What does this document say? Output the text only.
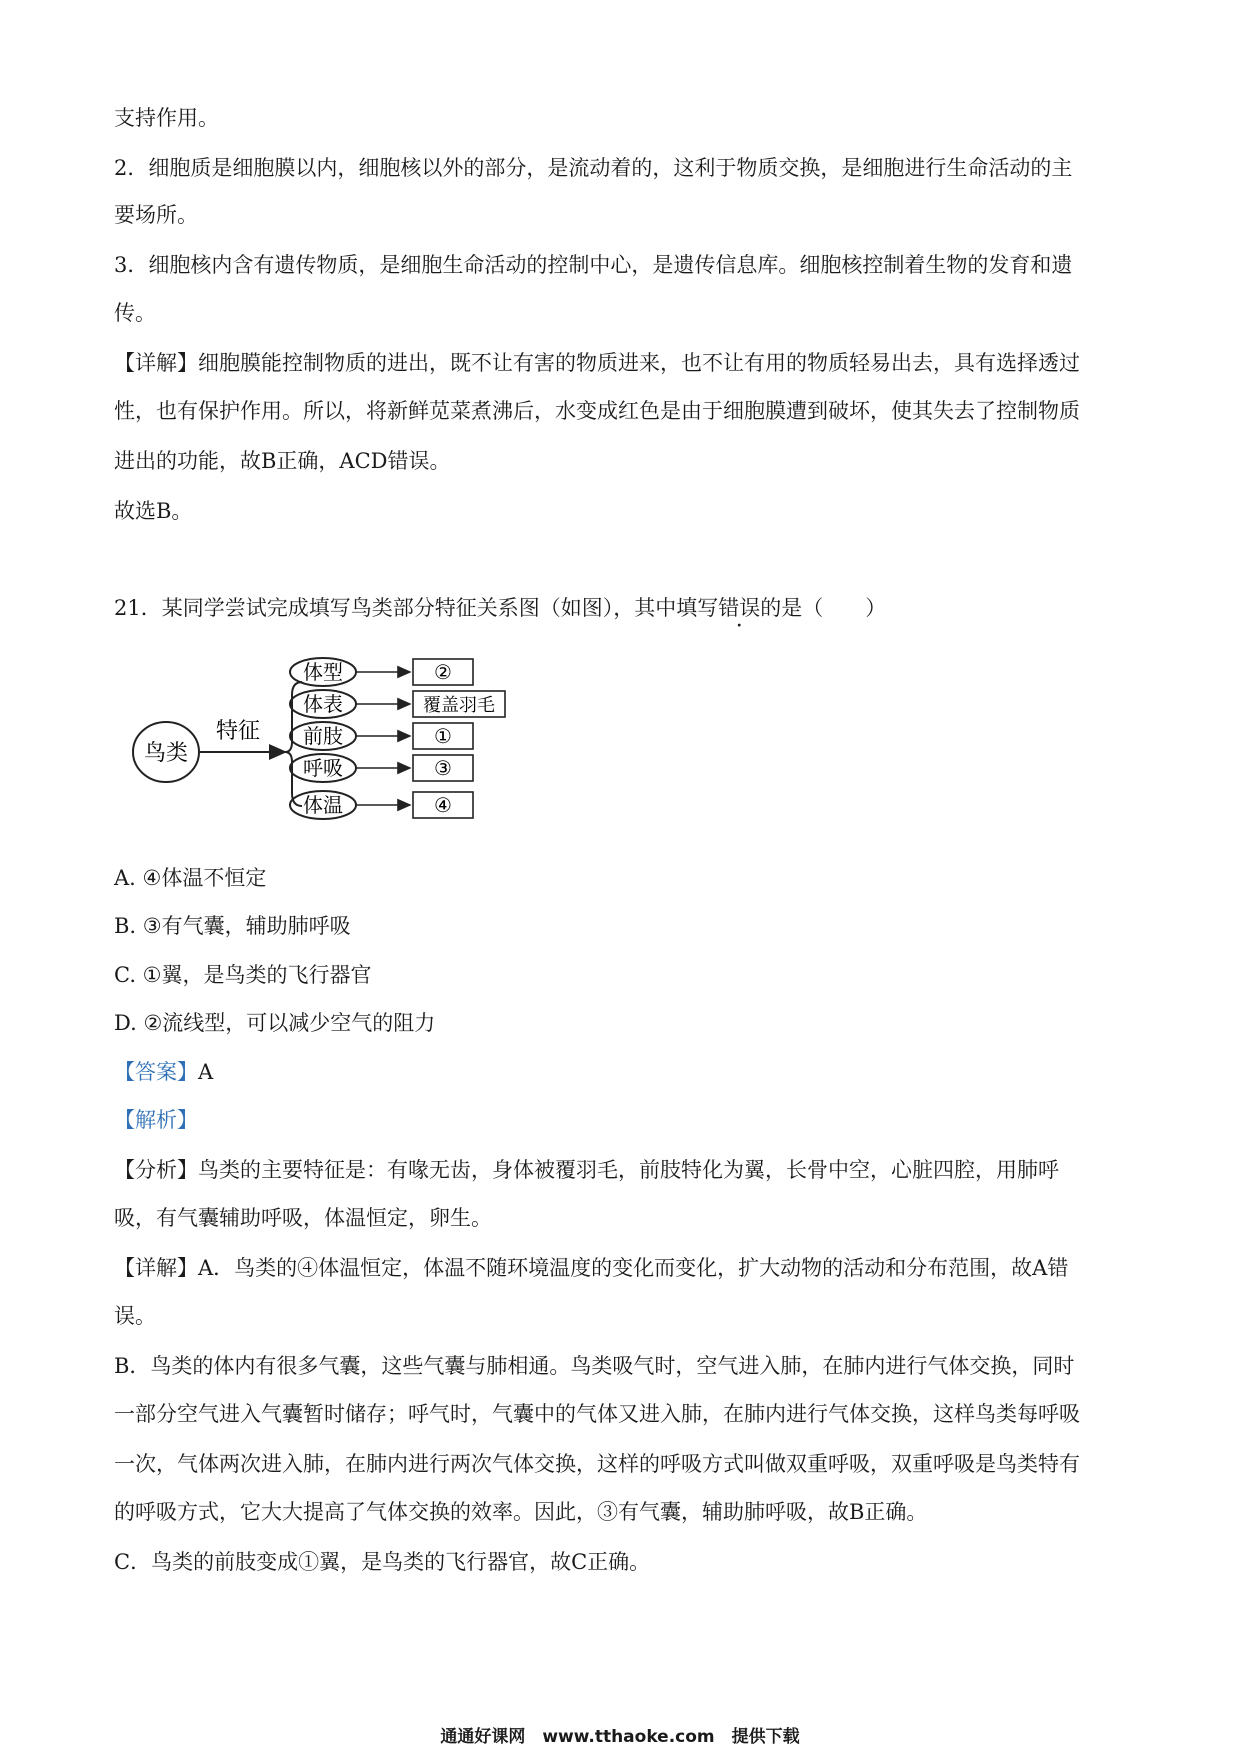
支持作用。
2．细胞质是细胞膜以内，细胞核以外的部分，是流动着的，这利于物质交换，是细胞进行生命活动的主
要场所。
3．细胞核内含有遗传物质，是细胞生命活动的控制中心，是遗传信息库。细胞核控制着生物的发育和遗
传。
【详解】细胞膜能控制物质的进出，既不让有害的物质进来，也不让有用的物质轻易出去，具有选择透过
性，也有保护作用。所以，将新鲜苋菜煮沸后，水变成红色是由于细胞膜遭到破坏，使其失去了控制物质
进出的功能，故B正确，ACD错误。
故选B。
21．某同学尝试完成填写鸟类部分特征关系图（如图），其中填写错误的是（　　）
鸟类
特征
体型	②
体表	覆盖羽毛
前肢	①
呼吸	③
体温	④
A. ④体温不恒定
B. ③有气囊，辅助肺呼吸
C. ①翼，是鸟类的飞行器官
D. ②流线型，可以减少空气的阻力
【答案】A
【解析】
【分析】鸟类的主要特征是：有喙无齿，身体被覆羽毛，前肢特化为翼，长骨中空，心脏四腔，用肺呼
吸，有气囊辅助呼吸，体温恒定，卵生。
【详解】A．鸟类的④体温恒定，体温不随环境温度的变化而变化，扩大动物的活动和分布范围，故A错
误。
B．鸟类的体内有很多气囊，这些气囊与肺相通。鸟类吸气时，空气进入肺，在肺内进行气体交换，同时
一部分空气进入气囊暂时储存；呼气时，气囊中的气体又进入肺，在肺内进行气体交换，这样鸟类每呼吸
一次，气体两次进入肺，在肺内进行两次气体交换，这样的呼吸方式叫做双重呼吸，双重呼吸是鸟类特有
的呼吸方式，它大大提高了气体交换的效率。因此，③有气囊，辅助肺呼吸，故B正确。
C．鸟类的前肢变成①翼，是鸟类的飞行器官，故C正确。
通通好课网　www.tthaoke.com　提供下载
